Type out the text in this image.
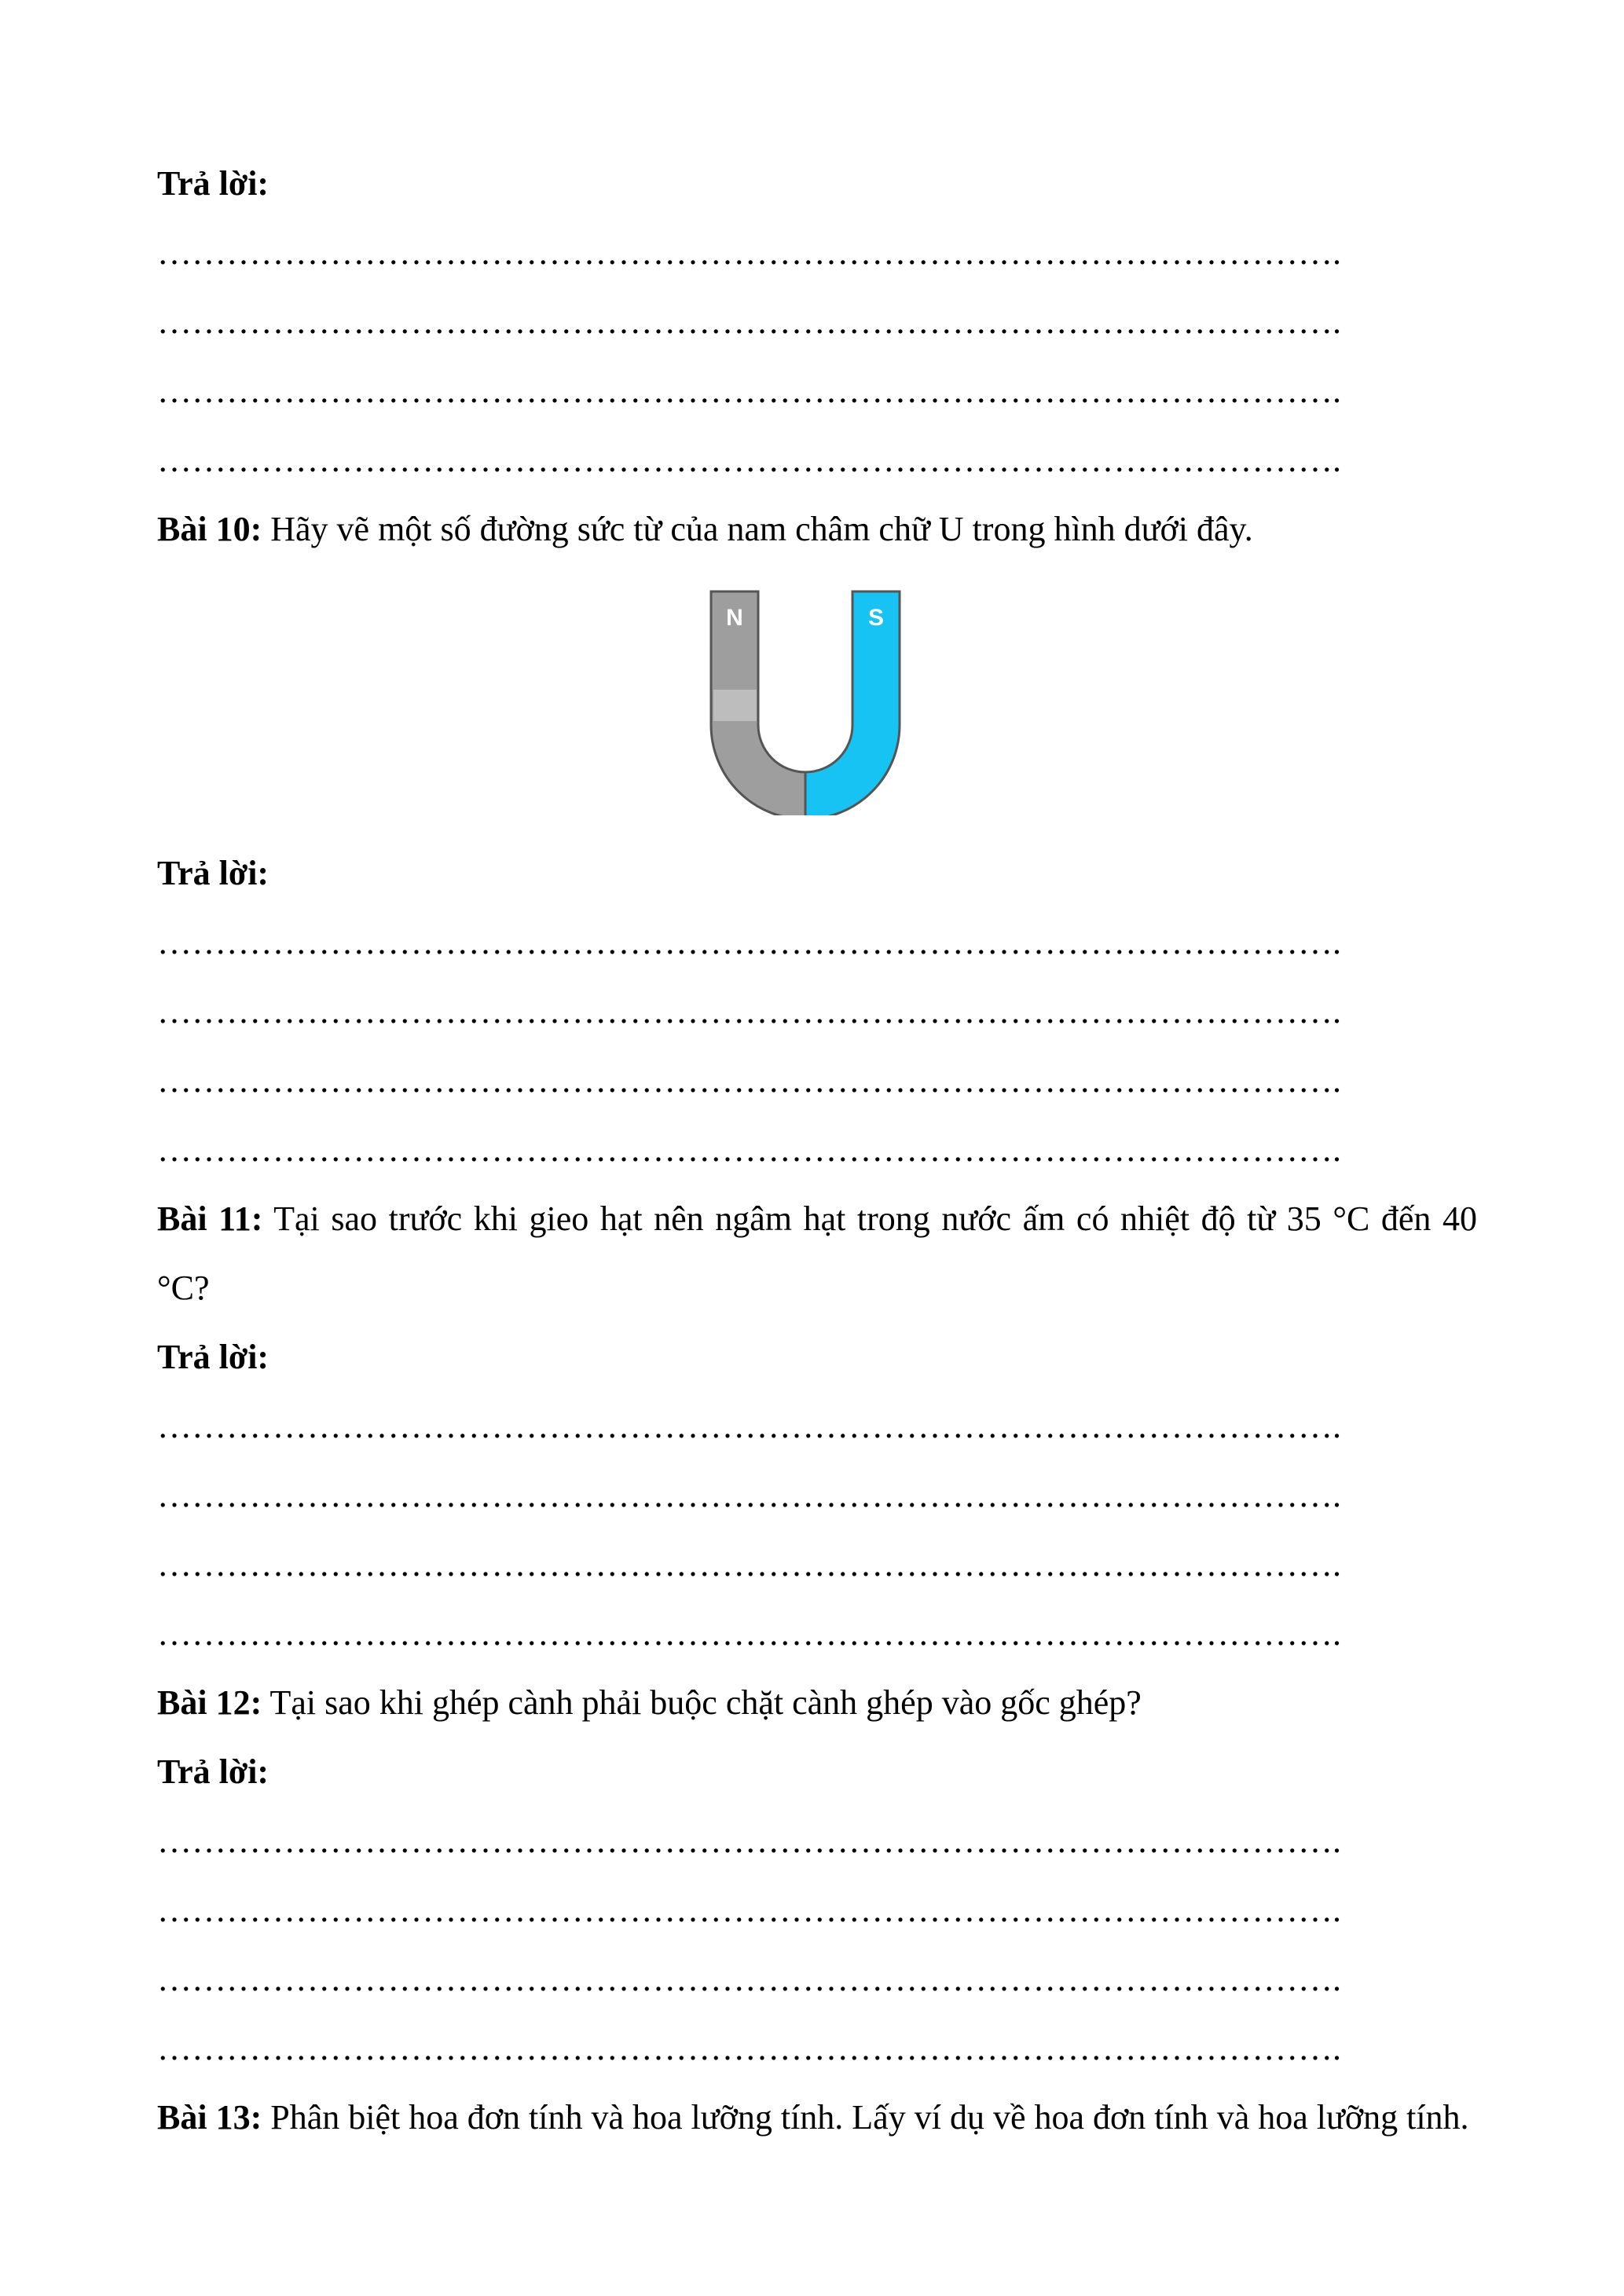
Trả lời:
………………………………………………………………………………………….
………………………………………………………………………………………….
………………………………………………………………………………………….
………………………………………………………………………………………….
Bài 10: Hãy vẽ một số đường sức từ của nam châm chữ U trong hình dưới đây.
N	S
Trả lời:
………………………………………………………………………………………….
………………………………………………………………………………………….
………………………………………………………………………………………….
………………………………………………………………………………………….
Bài 11: Tại sao trước khi gieo hạt nên ngâm hạt trong nước ấm có nhiệt độ từ 35 °C đến 40 °C?
Trả lời:
………………………………………………………………………………………….
………………………………………………………………………………………….
………………………………………………………………………………………….
………………………………………………………………………………………….
Bài 12: Tại sao khi ghép cành phải buộc chặt cành ghép vào gốc ghép?
Trả lời:
………………………………………………………………………………………….
………………………………………………………………………………………….
………………………………………………………………………………………….
………………………………………………………………………………………….
Bài 13: Phân biệt hoa đơn tính và hoa lưỡng tính. Lấy ví dụ về hoa đơn tính và hoa lưỡng tính.
